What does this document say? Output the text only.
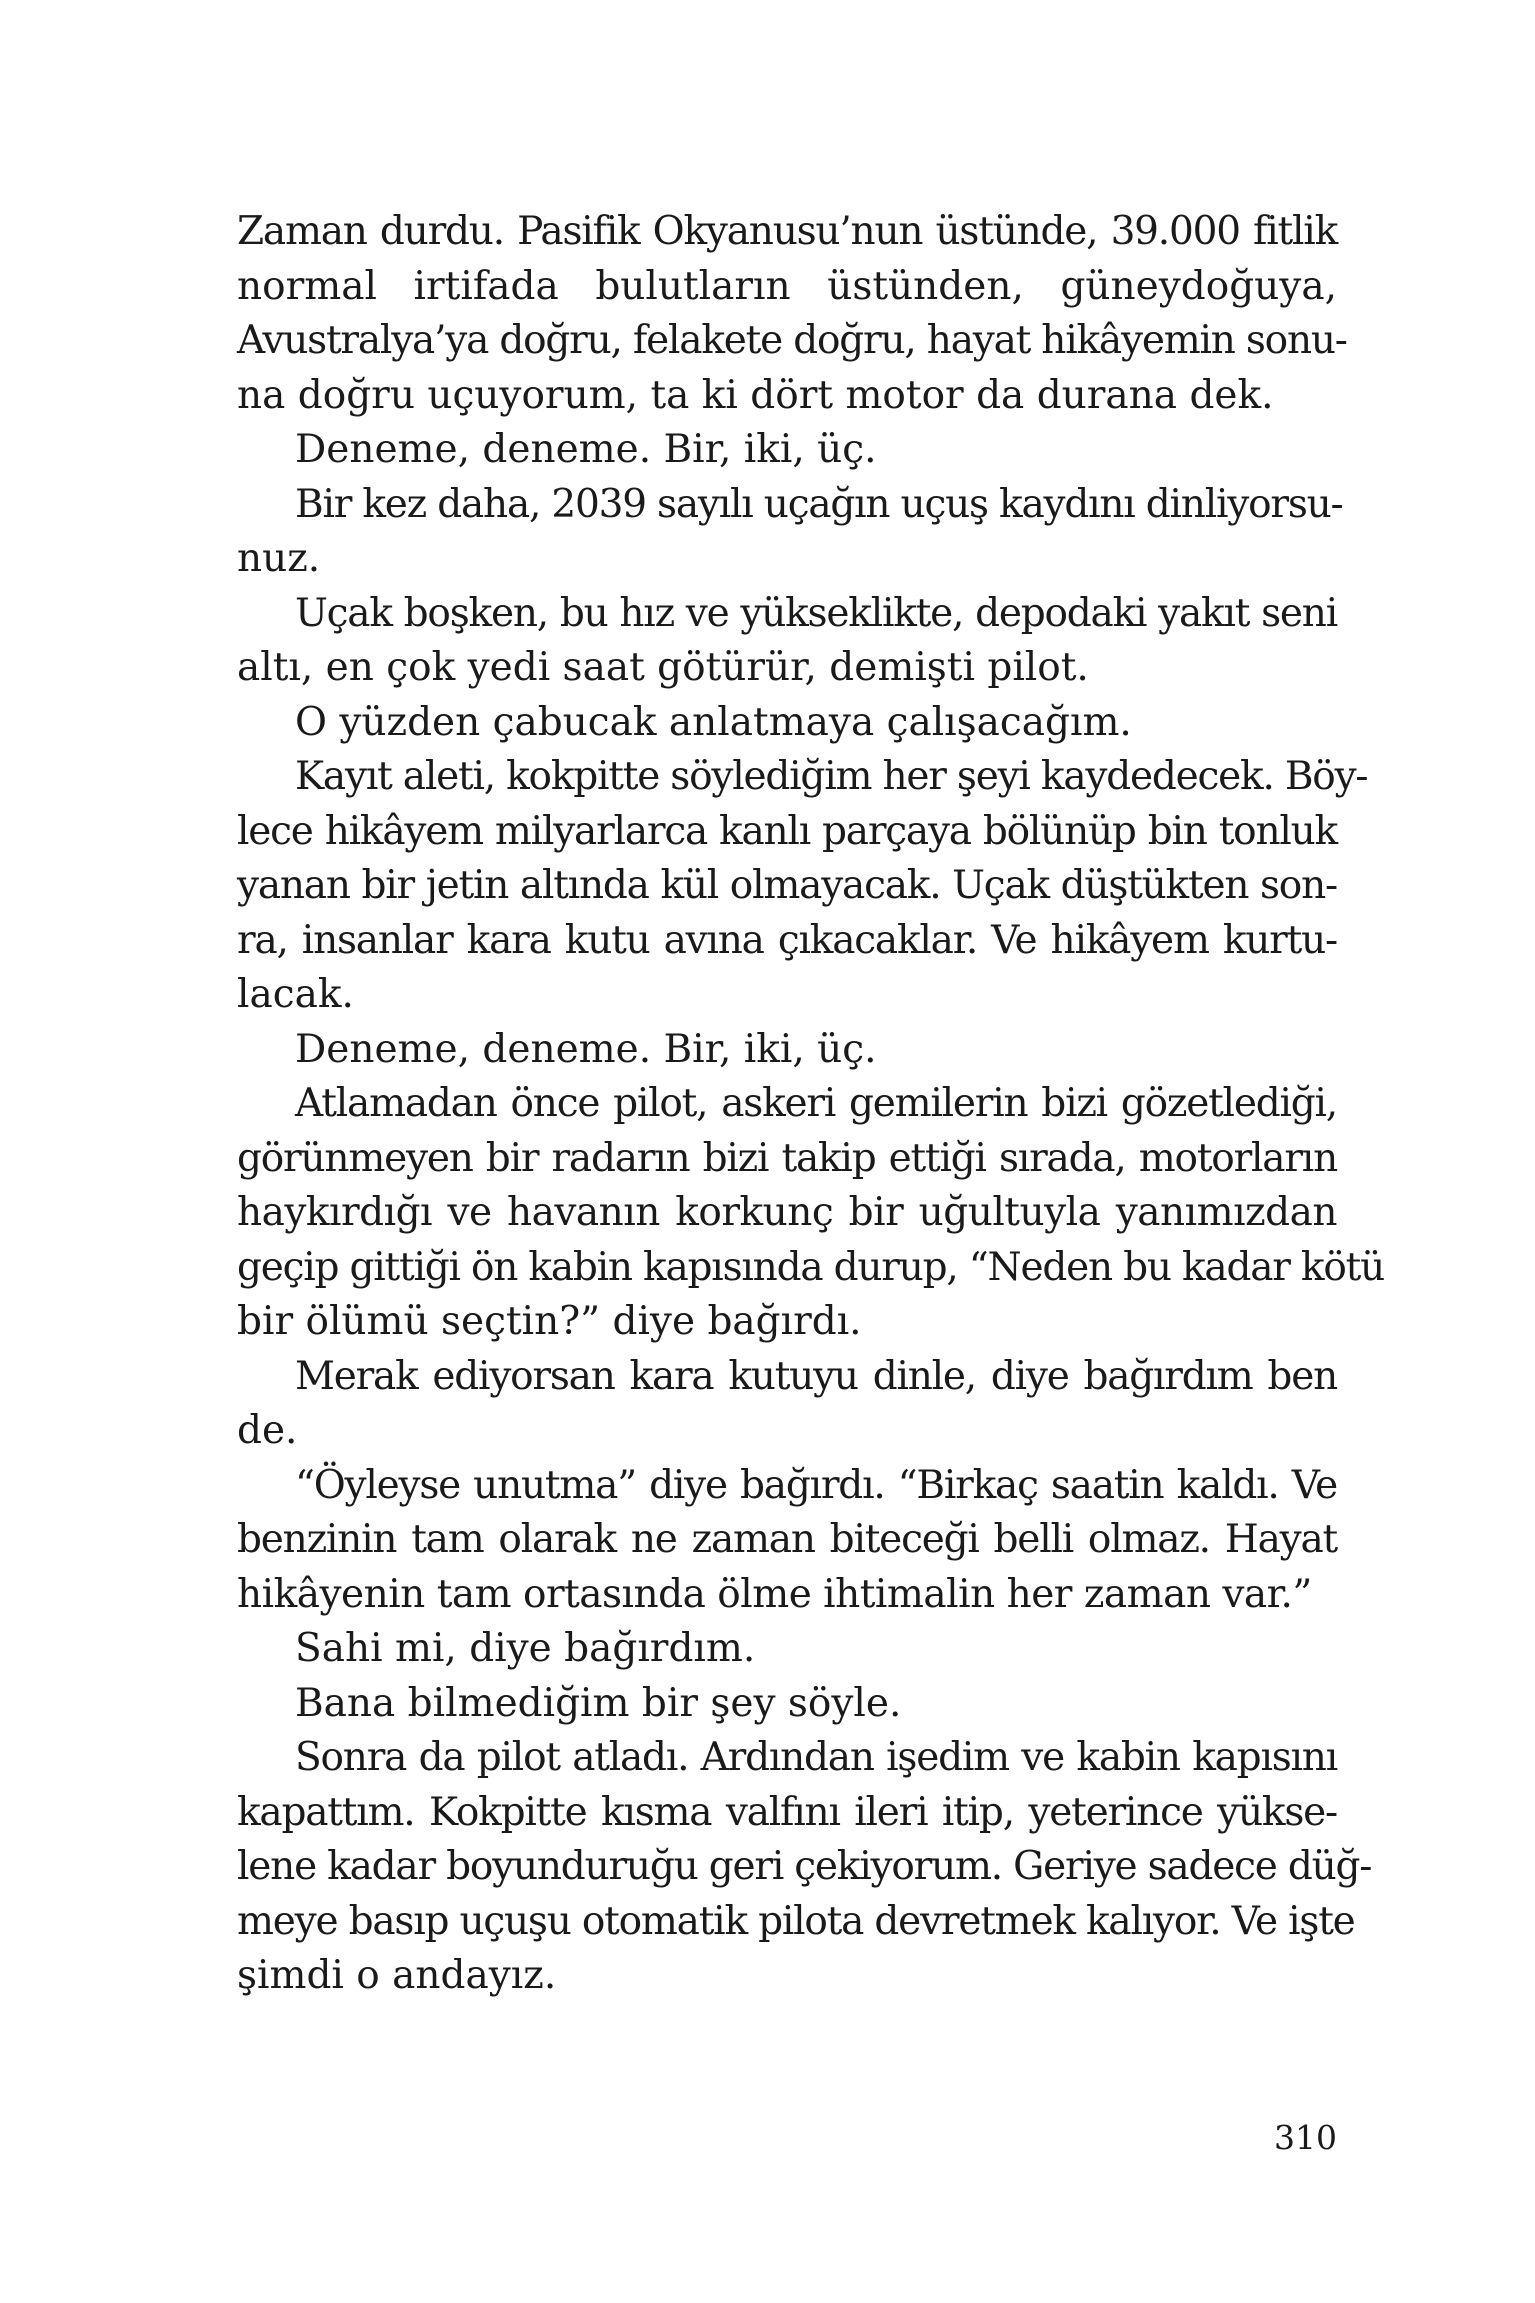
Zaman durdu. Pasifik Okyanusu’nun üstünde, 39.000 fitlik
normal irtifada bulutların üstünden, güneydoğuya,
Avustralya’ya doğru, felakete doğru, hayat hikâyemin sonu-
na doğru uçuyorum, ta ki dört motor da durana dek.
Deneme, deneme. Bir, iki, üç.
Bir kez daha, 2039 sayılı uçağın uçuş kaydını dinliyorsu-
nuz.
Uçak boşken, bu hız ve yükseklikte, depodaki yakıt seni
altı, en çok yedi saat götürür, demişti pilot.
O yüzden çabucak anlatmaya çalışacağım.
Kayıt aleti, kokpitte söylediğim her şeyi kaydedecek. Böy-
lece hikâyem milyarlarca kanlı parçaya bölünüp bin tonluk
yanan bir jetin altında kül olmayacak. Uçak düştükten son-
ra, insanlar kara kutu avına çıkacaklar. Ve hikâyem kurtu-
lacak.
Deneme, deneme. Bir, iki, üç.
Atlamadan önce pilot, askeri gemilerin bizi gözetlediği,
görünmeyen bir radarın bizi takip ettiği sırada, motorların
haykırdığı ve havanın korkunç bir uğultuyla yanımızdan
geçip gittiği ön kabin kapısında durup, “Neden bu kadar kötü
bir ölümü seçtin?” diye bağırdı.
Merak ediyorsan kara kutuyu dinle, diye bağırdım ben
de.
“Öyleyse unutma” diye bağırdı. “Birkaç saatin kaldı. Ve
benzinin tam olarak ne zaman biteceği belli olmaz. Hayat
hikâyenin tam ortasında ölme ihtimalin her zaman var.”
Sahi mi, diye bağırdım.
Bana bilmediğim bir şey söyle.
Sonra da pilot atladı. Ardından işedim ve kabin kapısını
kapattım. Kokpitte kısma valfını ileri itip, yeterince yükse-
lene kadar boyunduruğu geri çekiyorum. Geriye sadece düğ-
meye basıp uçuşu otomatik pilota devretmek kalıyor. Ve işte
şimdi o andayız.
310
